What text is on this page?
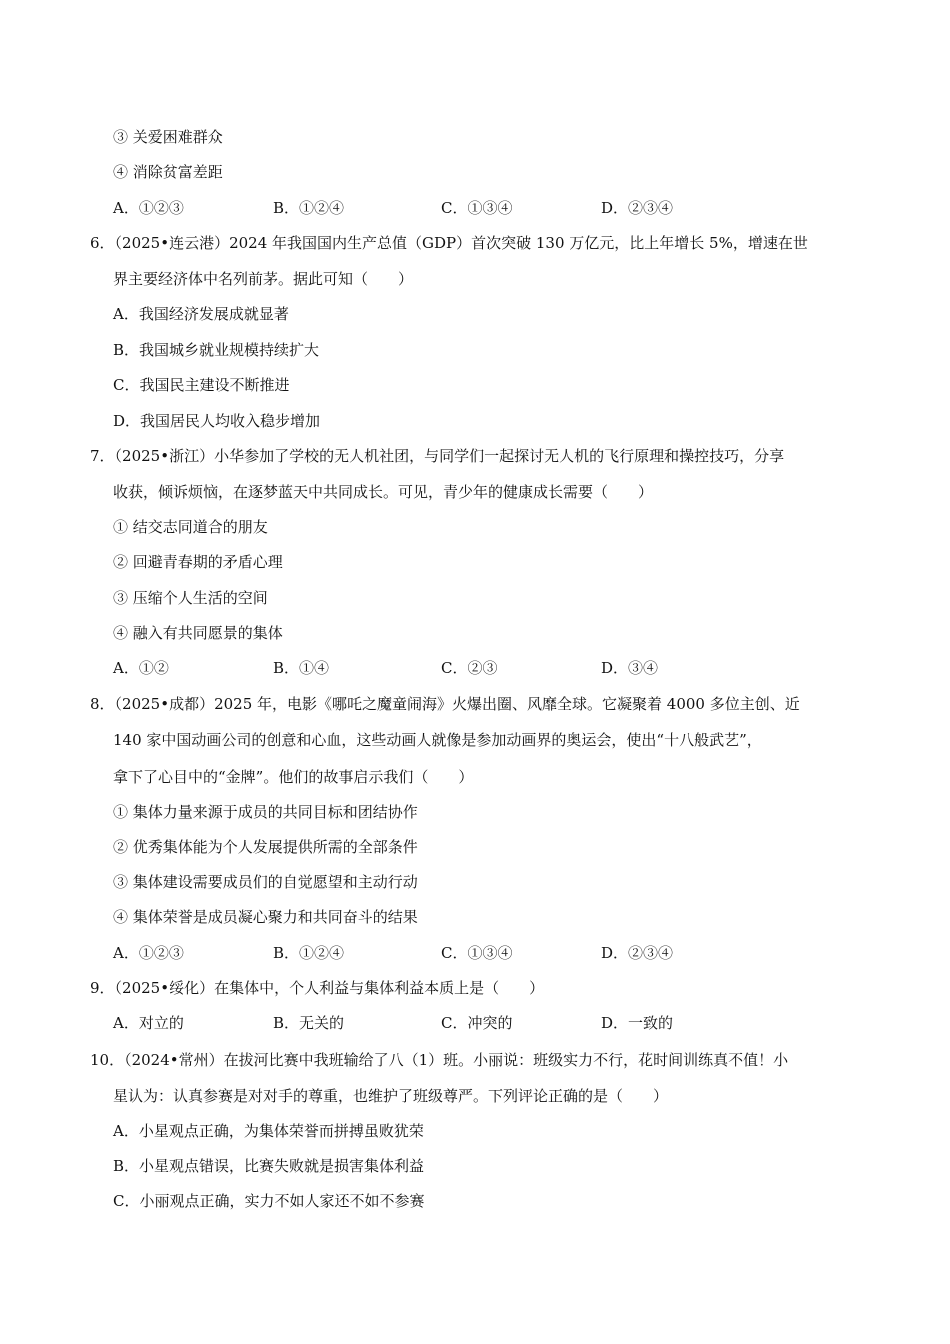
③ 关爱困难群众
④ 消除贫富差距
A．①②③	B．①②④	C．①③④	D．②③④
6．（2025•连云港）2024 年我国国内生产总值（GDP）首次突破 130 万亿元，比上年增长 5%，增速在世
界主要经济体中名列前茅。据此可知（　　）
A．我国经济发展成就显著
B．我国城乡就业规模持续扩大
C．我国民主建设不断推进
D．我国居民人均收入稳步增加
7．（2025•浙江）小华参加了学校的无人机社团，与同学们一起探讨无人机的飞行原理和操控技巧，分享
收获，倾诉烦恼，在逐梦蓝天中共同成长。可见，青少年的健康成长需要（　　）
① 结交志同道合的朋友
② 回避青春期的矛盾心理
③ 压缩个人生活的空间
④ 融入有共同愿景的集体
A．①②	B．①④	C．②③	D．③④
8．（2025•成都）2025 年，电影《哪吒之魔童闹海》火爆出圈、风靡全球。它凝聚着 4000 多位主创、近
140 家中国动画公司的创意和心血，这些动画人就像是参加动画界的奥运会，使出“十八般武艺”，
拿下了心目中的“金牌”。他们的故事启示我们（　　）
① 集体力量来源于成员的共同目标和团结协作
② 优秀集体能为个人发展提供所需的全部条件
③ 集体建设需要成员们的自觉愿望和主动行动
④ 集体荣誉是成员凝心聚力和共同奋斗的结果
A．①②③	B．①②④	C．①③④	D．②③④
9．（2025•绥化）在集体中，个人利益与集体利益本质上是（　　）
A．对立的	B．无关的	C．冲突的	D．一致的
10．（2024•常州）在拔河比赛中我班输给了八（1）班。小丽说：班级实力不行，花时间训练真不值！小
星认为：认真参赛是对对手的尊重，也维护了班级尊严。下列评论正确的是（　　）
A．小星观点正确，为集体荣誉而拼搏虽败犹荣
B．小星观点错误，比赛失败就是损害集体利益
C．小丽观点正确，实力不如人家还不如不参赛
